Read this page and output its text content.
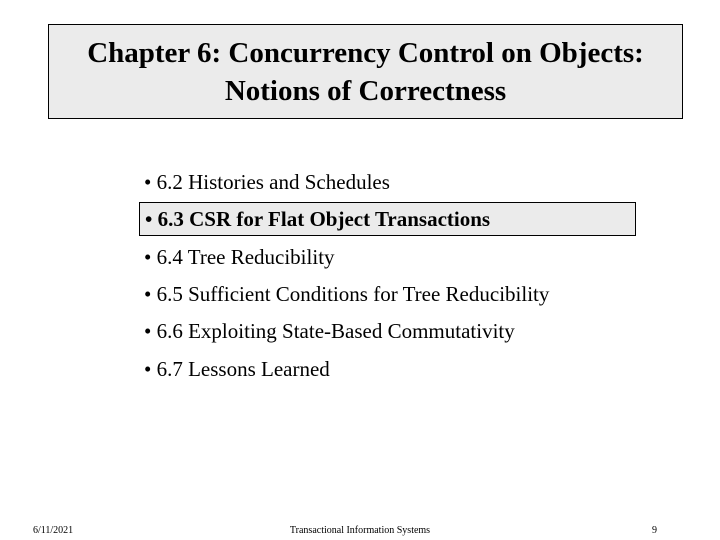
Chapter 6: Concurrency Control on Objects:
Notions of Correctness
• 6.2 Histories and Schedules
• 6.3 CSR for Flat Object Transactions
• 6.4 Tree Reducibility
• 6.5 Sufficient Conditions for Tree Reducibility
• 6.6 Exploiting State-Based Commutativity
• 6.7 Lessons Learned
6/11/2021	Transactional Information Systems	9
